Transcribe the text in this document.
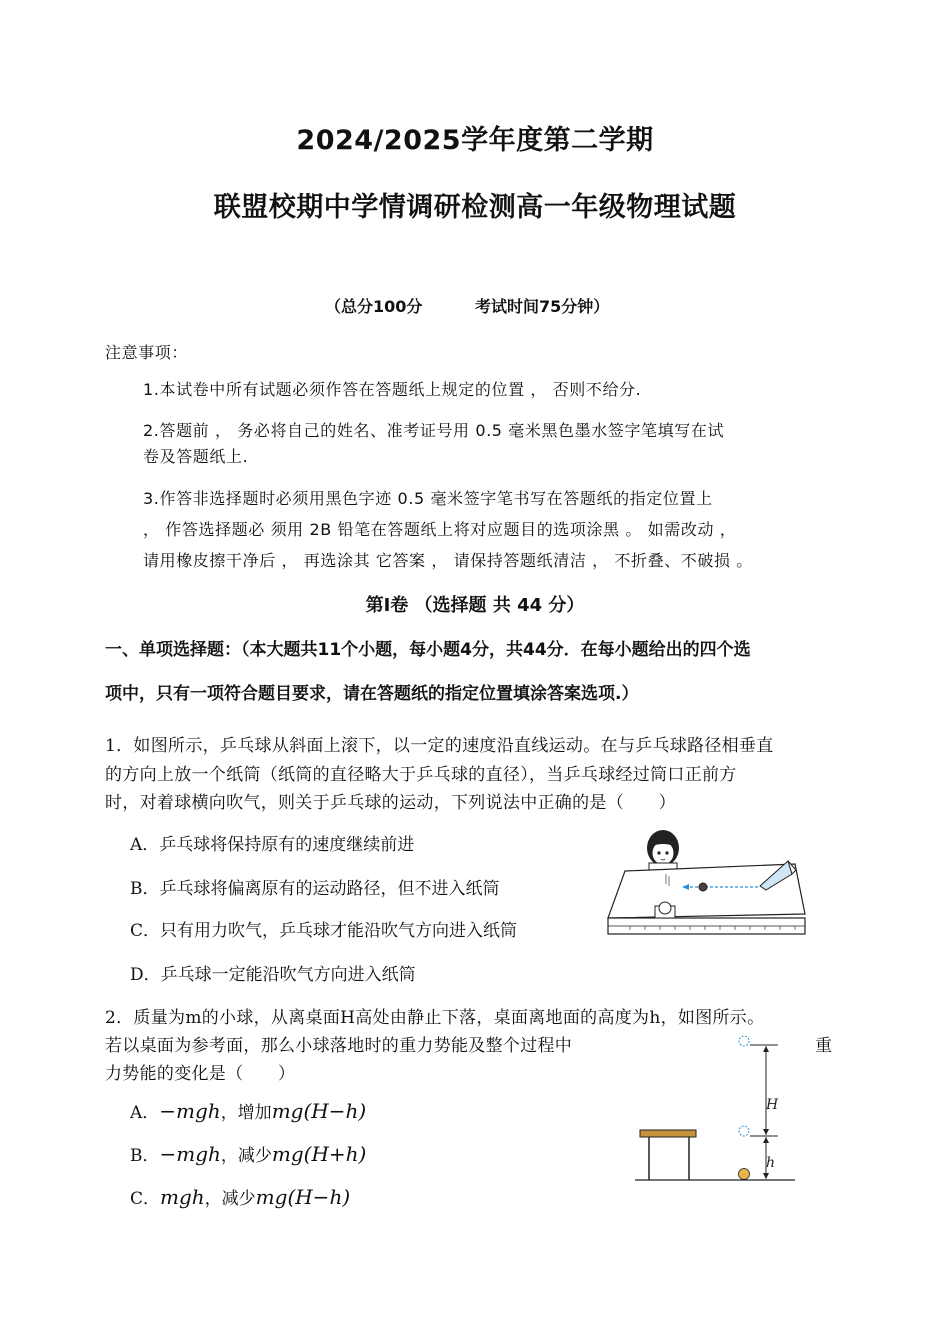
2024/2025学年度第二学期
联盟校期中学情调研检测高一年级物理试题
（总分100分	考试时间75分钟）
注意事项：
1.本试卷中所有试题必须作答在答题纸上规定的位置 ， 否则不给分.
2.答题前 ， 务必将自己的姓名、准考证号用 0.5 毫米黑色墨水签字笔填写在试
卷及答题纸上.
3.作答非选择题时必须用黑色字迹 0.5 毫米签字笔书写在答题纸的指定位置上
， 作答选择题必 须用 2B 铅笔在答题纸上将对应题目的选项涂黑 。 如需改动 ，
请用橡皮擦干净后 ， 再选涂其 它答案 ， 请保持答题纸清洁 ， 不折叠、不破损 。
第Ⅰ卷 （选择题 共 44 分）
一、单项选择题：（本大题共11个小题，每小题4分，共44分．在每小题给出的四个选
项中，只有一项符合题目要求，请在答题纸的指定位置填涂答案选项.）
1．如图所示，乒乓球从斜面上滚下，以一定的速度沿直线运动。在与乒乓球路径相垂直
的方向上放一个纸筒（纸筒的直径略大于乒乓球的直径），当乒乓球经过筒口正前方
时，对着球横向吹气，则关于乒乓球的运动，下列说法中正确的是（　　）
A．乒乓球将保持原有的速度继续前进
B．乒乓球将偏离原有的运动路径，但不进入纸筒
C．只有用力吹气，乒乓球才能沿吹气方向进入纸筒
D．乒乓球一定能沿吹气方向进入纸筒
2．质量为m的小球，从离桌面H高处由静止下落，桌面离地面的高度为h，如图所示。
若以桌面为参考面，那么小球落地时的重力势能及整个过程中	重
力势能的变化是（　　）
A．−mgh，增加mg(H−h)
B．−mgh，减少mg(H+h)
C．mgh，减少mg(H−h)
H
h
